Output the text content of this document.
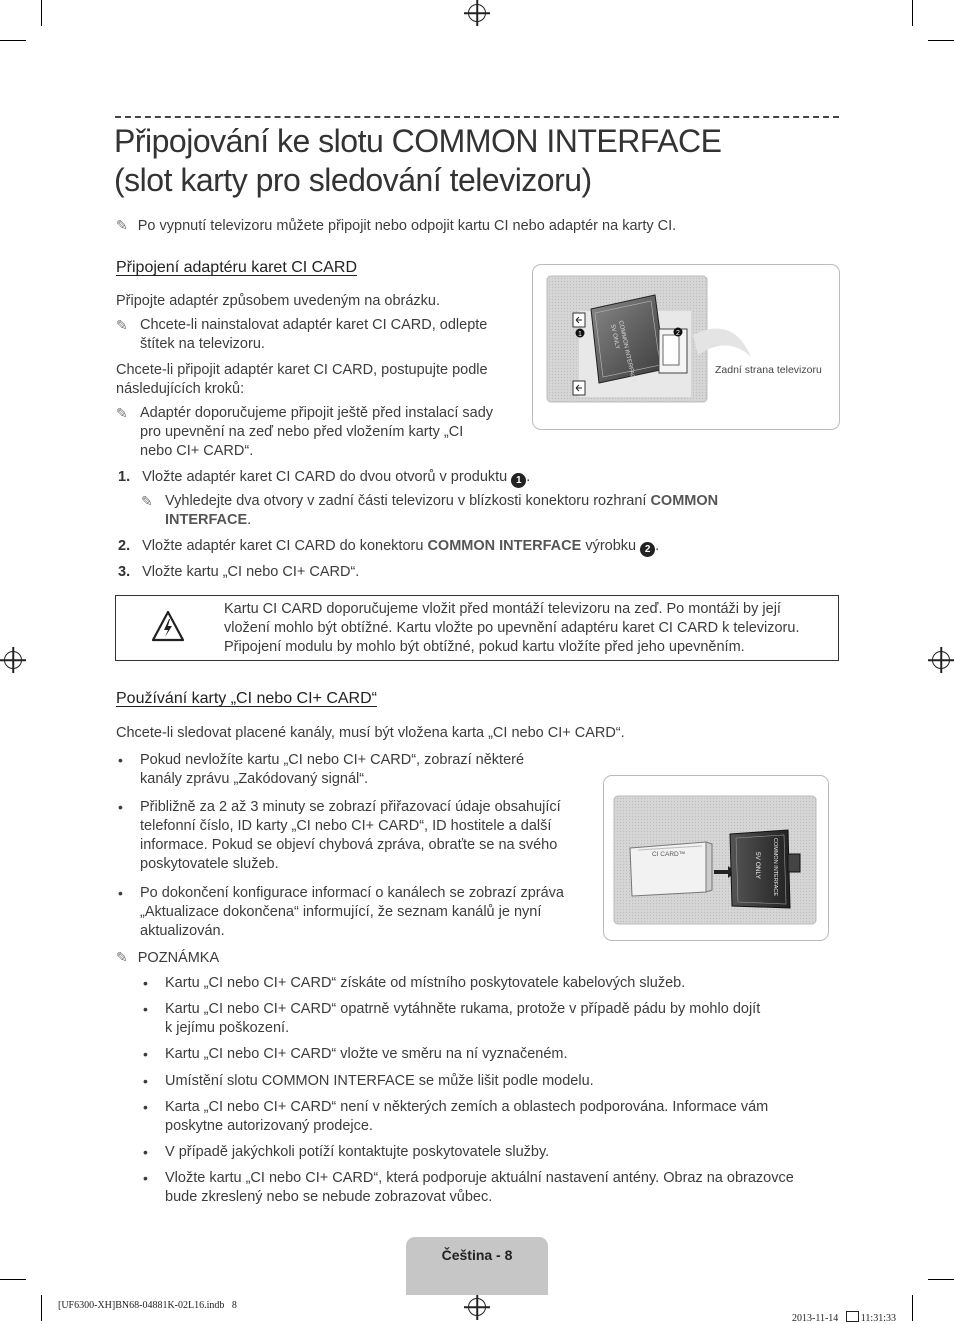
Připojování ke slotu COMMON INTERFACE
(slot karty pro sledování televizoru)
✎ Po vypnutí televizoru můžete připojit nebo odpojit kartu CI nebo adaptér na karty CI.
Připojení adaptéru karet CI CARD
Připojte adaptér způsobem uvedeným na obrázku.
✎ Chcete-li nainstalovat adaptér karet CI CARD, odlepte
štítek na televizoru.
Chcete-li připojit adaptér karet CI CARD, postupujte podle
následujících kroků:
✎ Adaptér doporučujeme připojit ještě před instalací sady
pro upevnění na zeď nebo před vložením karty „CI
nebo CI+ CARD“.
COMMON INTERFACE
5V ONLY
1	2
Zadní strana televizoru
1. Vložte adaptér karet CI CARD do dvou otvorů v produktu 1 .
✎ Vyhledejte dva otvory v zadní části televizoru v blízkosti konektoru rozhraní COMMON
INTERFACE.
2. Vložte adaptér karet CI CARD do konektoru COMMON INTERFACE výrobku 2 .
3. Vložte kartu „CI nebo CI+ CARD“.
Kartu CI CARD doporučujeme vložit před montáží televizoru na zeď. Po montáži by její
vložení mohlo být obtížné. Kartu vložte po upevnění adaptéru karet CI CARD k televizoru.
Připojení modulu by mohlo být obtížné, pokud kartu vložíte před jeho upevněním.
Používání karty „CI nebo CI+ CARD“
Chcete-li sledovat placené kanály, musí být vložena karta „CI nebo CI+ CARD“.
• Pokud nevložíte kartu „CI nebo CI+ CARD“, zobrazí některé
kanály zprávu „Zakódovaný signál“.
• Přibližně za 2 až 3 minuty se zobrazí přiřazovací údaje obsahující
telefonní číslo, ID karty „CI nebo CI+ CARD“, ID hostitele a další
informace. Pokud se objeví chybová zpráva, obraťte se na svého
poskytovatele služeb.
• Po dokončení konfigurace informací o kanálech se zobrazí zpráva
„Aktualizace dokončena“ informující, že seznam kanálů je nyní
aktualizován.
CI CARD™	COMMON INTERFACE
5V ONLY
✎ POZNÁMKA
• Kartu „CI nebo CI+ CARD“ získáte od místního poskytovatele kabelových služeb.
• Kartu „CI nebo CI+ CARD“ opatrně vytáhněte rukama, protože v případě pádu by mohlo dojít
k jejímu poškození.
• Kartu „CI nebo CI+ CARD“ vložte ve směru na ní vyznačeném.
• Umístění slotu COMMON INTERFACE se může lišit podle modelu.
• Karta „CI nebo CI+ CARD“ není v některých zemích a oblastech podporována. Informace vám
poskytne autorizovaný prodejce.
• V případě jakýchkoli potíží kontaktujte poskytovatele služby.
• Vložte kartu „CI nebo CI+ CARD“, která podporuje aktuální nastavení antény. Obraz na obrazovce
bude zkreslený nebo se nebude zobrazovat vůbec.
Čeština - 8
[UF6300-XH]BN68-04881K-02L16.indb   8

2013-11-14   11:31:33
